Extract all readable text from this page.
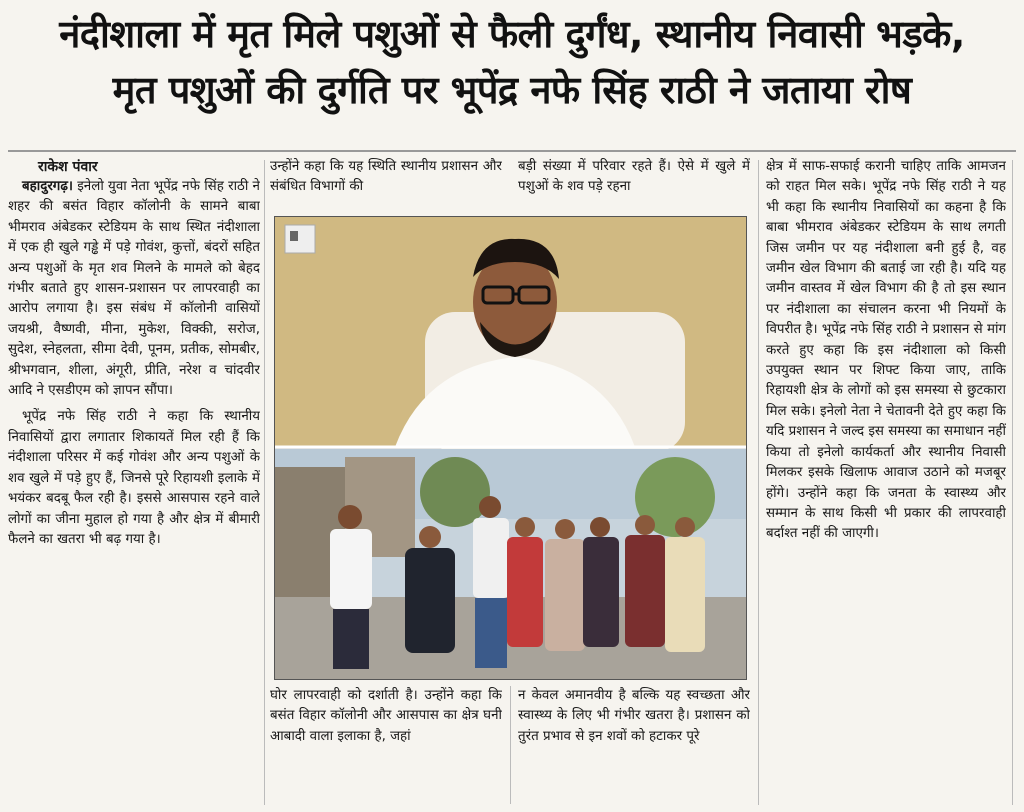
नंदीशाला में मृत मिले पशुओं से फैली दुर्गंध, स्थानीय निवासी भड़के,
मृत पशुओं की दुर्गति पर भूपेंद्र नफे सिंह राठी ने जताया रोष
राकेश पंवार

बहादुरगढ़। इनेलो युवा नेता भूपेंद्र नफे सिंह राठी ने शहर की बसंत विहार कॉलोनी के सामने बाबा भीमराव अंबेडकर स्टेडियम के साथ स्थित नंदीशाला में एक ही खुले गड्ढे में पड़े गोवंश, कुत्तों, बंदरों सहित अन्य पशुओं के मृत शव मिलने के मामले को बेहद गंभीर बताते हुए शासन-प्रशासन पर लापरवाही का आरोप लगाया है। इस संबंध में कॉलोनी वासियों जयश्री, वैष्णवी, मीना, मुकेश, विक्की, सरोज, सुदेश, स्नेहलता, सीमा देवी, पूनम, प्रतीक, सोमबीर, श्रीभगवान, शीला, अंगूरी, प्रीति, नरेश व चांदवीर आदि ने एसडीएम को ज्ञापन सौंपा।

भूपेंद्र नफे सिंह राठी ने कहा कि स्थानीय निवासियों द्वारा लगातार शिकायतें मिल रही हैं कि नंदीशाला परिसर में कई गोवंश और अन्य पशुओं के शव खुले में पड़े हुए हैं, जिनसे पूरे रिहायशी इलाके में भयंकर बदबू फैल रही है। इससे आसपास रहने वाले लोगों का जीना मुहाल हो गया है और क्षेत्र में बीमारी फैलने का खतरा भी बढ़ गया है।

उन्होंने कहा कि यह स्थिति स्थानीय प्रशासन और संबंधित विभागों की

बड़ी संख्या में परिवार रहते हैं। ऐसे में खुले में पशुओं के शव पड़े रहना

घोर लापरवाही को दर्शाती है। उन्होंने कहा कि बसंत विहार कॉलोनी और आसपास का क्षेत्र घनी आबादी वाला इलाका है, जहां

न केवल अमानवीय है बल्कि यह स्वच्छता और स्वास्थ्य के लिए भी गंभीर खतरा है। प्रशासन को तुरंत प्रभाव से इन शवों को हटाकर पूरे

क्षेत्र में साफ-सफाई करानी चाहिए ताकि आमजन को राहत मिल सके। भूपेंद्र नफे सिंह राठी ने यह भी कहा कि स्थानीय निवासियों का कहना है कि बाबा भीमराव अंबेडकर स्टेडियम के साथ लगती जिस जमीन पर यह नंदीशाला बनी हुई है, वह जमीन खेल विभाग की बताई जा रही है। यदि यह जमीन वास्तव में खेल विभाग की है तो इस स्थान पर नंदीशाला का संचालन करना भी नियमों के विपरीत है। भूपेंद्र नफे सिंह राठी ने प्रशासन से मांग करते हुए कहा कि इस नंदीशाला को किसी उपयुक्त स्थान पर शिफ्ट किया जाए, ताकि रिहायशी क्षेत्र के लोगों को इस समस्या से छुटकारा मिल सके। इनेलो नेता ने चेतावनी देते हुए कहा कि यदि प्रशासन ने जल्द इस समस्या का समाधान नहीं किया तो इनेलो कार्यकर्ता और स्थानीय निवासी मिलकर इसके खिलाफ आवाज उठाने को मजबूर होंगे। उन्होंने कहा कि जनता के स्वास्थ्य और सम्मान के साथ किसी भी प्रकार की लापरवाही बर्दाश्त नहीं की जाएगी।
